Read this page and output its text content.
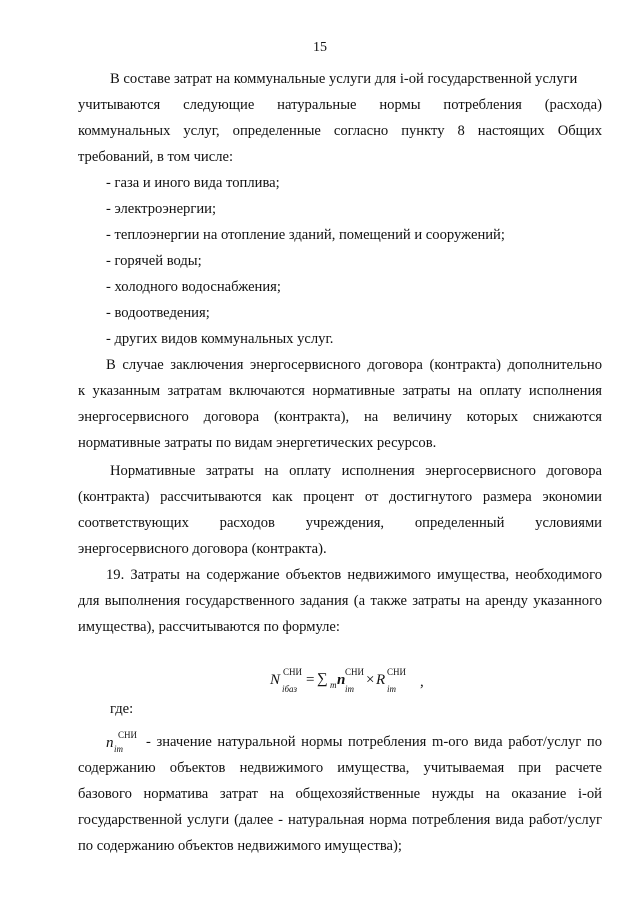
15
В составе затрат на коммунальные услуги для i-ой государственной услуги
учитываются следующие натуральные нормы потребления (расхода)
коммунальных услуг, определенные согласно пункту 8 настоящих Общих
требований, в том числе:
- газа и иного вида топлива;
- электроэнергии;
- теплоэнергии на отопление зданий, помещений и сооружений;
- горячей воды;
- холодного водоснабжения;
- водоотведения;
- других видов коммунальных услуг.
В случае заключения энергосервисного договора (контракта) дополнительно
к указанным затратам включаются нормативные затраты на оплату исполнения
энергосервисного договора (контракта), на величину которых снижаются
нормативные затраты по видам энергетических ресурсов.
Нормативные затраты на оплату исполнения энергосервисного договора
(контракта) рассчитываются как процент от достигнутого размера экономии
соответствующих расходов учреждения, определенный условиями
энергосервисного договора (контракта).
19. Затраты на содержание объектов недвижимого имущества, необходимого
для выполнения государственного задания (а также затраты на аренду указанного
имущества), рассчитываются по формуле:
N СНИ
iбаз
= ∑ m n СНИ
im
× R СНИ
im ,
где:
n СНИ
im - значение натуральной нормы потребления m-ого вида работ/услуг по
содержанию объектов недвижимого имущества, учитываемая при расчете
базового норматива затрат на общехозяйственные нужды на оказание i-ой
государственной услуги (далее - натуральная норма потребления вида работ/услуг
по содержанию объектов недвижимого имущества);
